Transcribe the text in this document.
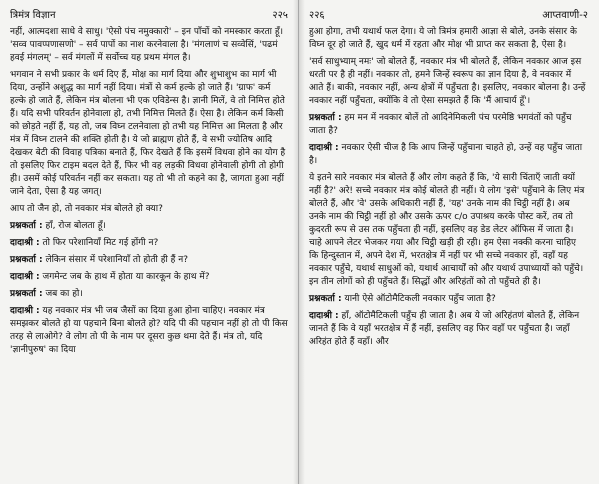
त्रिमंत्र विज्ञान	२२५

नहीं, आत्मदशा साधे वे साधु। 'ऐसो पंच नमुक्कारो' – इन पाँचों को नमस्कार करता हूँ। 'सव्व पावप्पणासणो' – सर्व पापों का नाश करनेवाला है। 'मंगलाणं च सव्वेसिं, 'पढमं हवई मंगलम्' – सर्व मंगलों में सर्वोच्च यह प्रथम मंगल है।

भगवान ने सभी प्रकार के धर्म दिए हैं, मोक्ष का मार्ग दिया और शुभाशुभ का मार्ग भी दिया, उन्होंने अशुद्ध का मार्ग नहीं दिया। मंत्रों से कर्म हल्के हो जाते हैं। 'ग्राफ' कर्म हल्के हो जाते हैं, लेकिन मंत्र बोलना भी एक एविडेन्स है। ज्ञानी मिलें, वे तो निमित्त होते हैं। यदि सभी परिवर्तन होनेवाला हो, तभी निमित्त मिलते हैं। ऐसा है। लेकिन कर्म किसी को छोड़ते नहीं हैं, यह तो, जब विघ्न टलनेवाला हो तभी यह निमित्त आ मिलता है और मंत्र में विघ्न टालने की शक्ति होती है। ये जो ब्राह्मण होते हैं, वे सभी ज्योतिष आदि देखकर बेटी की विवाह पत्रिका बनाते हैं, फिर देखते हैं कि इसमें विधवा होने का योग है तो इसलिए फिर टाइम बदल देते हैं, फिर भी वह लड़की विधवा होनेवाली होगी तो होगी ही। उसमें कोई परिवर्तन नहीं कर सकता। यह तो भी तो कहने का है, जागता हुआ नहीं जाने देता, ऐसा है यह जगत्।

आप तो जैन हो, तो नवकार मंत्र बोलते हो क्या?

प्रश्नकर्ता : हाँ, रोज बोलता हूँ।
दादाश्री : तो फिर परेशानियाँ मिट गई होंगी न?
प्रश्नकर्ता : लेकिन संसार में परेशानियाँ तो होती ही हैं न?
दादाश्री : जगमेन्ट जब के हाथ में होता या कारकून के हाथ में?
प्रश्नकर्ता : जब का हो।
दादाश्री : यह नवकार मंत्र भी जब जैसों का दिया हुआ होना चाहिए। नवकार मंत्र समझकर बोलते हो या पहचाने बिना बोलते हो? यदि पी की पहचान नहीं हो तो पी किस तरह से लाओगे? वे लोग तो पी के नाम पर दूसरा कुछ थमा देते हैं। मंत्र तो, यदि 'ज्ञानीपुरुष' का दिया
२२६	आप्तवाणी-२

हुआ होगा, तभी यथार्थ फल देगा। ये जो त्रिमंत्र हमारी आज्ञा से बोले, उनके संसार के विघ्न दूर हो जाते हैं, खुद धर्म में रहता और मोक्ष भी प्राप्त कर सकता है, ऐसा है।

'सर्व साधुभ्याम् नमः' जो बोलते हैं, नवकार मंत्र भी बोलते हैं, लेकिन नवकार आज इस धरती पर है ही नहीं। नवकार तो, हमने जिन्हें स्वरूप का ज्ञान दिया है, वे नवकार में आते हैं। बाकी, नवकार नहीं, अन्य क्षेत्रों में पहुँचता है। इसलिए, नवकार बोलना है। उन्हें नवकार नहीं पहुँचता, क्योंकि वे तो ऐसा समझते हैं कि 'मैं आचार्य हूँ'।

प्रश्नकर्ता : हम मन में नवकार बोलें तो आदिनेमिकली पंच परमेष्ठि भगवंतों को पहुँच जाता है?
दादाश्री : नवकार ऐसी चीज है कि आप जिन्हें पहुँचाना चाहते हो, उन्हें वह पहुँच जाता है।

ये इतने सारे नवकार मंत्र बोलते हैं और लोग कहते हैं कि, 'ये सारी चिंताएँ जाती क्यों नहीं है?' अरे! सच्चे नवकार मंत्र कोई बोलते ही नहीं। ये लोग 'इसे' पहुँचाने के लिए मंत्र बोलते हैं, और 'वे' उसके अधिकारी नहीं हैं, 'यह' उनके नाम की चिट्ठी नहीं है। अब उनके नाम की चिट्ठी नहीं हो और उसके ऊपर c/o उपाश्रय करके पोस्ट करें, तब तो कुदरती रूप से उस तक पहुँचता ही नहीं, इसलिए वह डेड लेटर ऑफिस में जाता है। चाहे आपने लेटर भेजकर गया और चिट्ठी खड़ी ही रही। हम ऐसा नक्की करना चाहिए कि हिन्दुस्तान में, अपने देश में, भरतक्षेत्र में नहीं पर भी सच्चे नवकार हों, वहाँ यह नवकार पहुँचे, यथार्थ साधुओं को, यथार्थ आचार्यों को और यथार्थ उपाध्यायों को पहुँचे। इन तीन लोगों को ही पहुँचते हैं। सिद्धों और अरिहंतों को तो पहुँचते ही है।

प्रश्नकर्ता : यानी ऐसे ऑटोमैटिकली नवकार पहुँच जाता है?
दादाश्री : हाँ, ऑटोमैटिकली पहुँच ही जाता है। अब ये जो अरिहंतणं बोलते हैं, लेकिन जानते हैं कि वे यहाँ भरतक्षेत्र में हैं नहीं, इसलिए वह फिर वहाँ पर पहुँचता है। जहाँ अरिहंत होते हैं वहाँ। और
